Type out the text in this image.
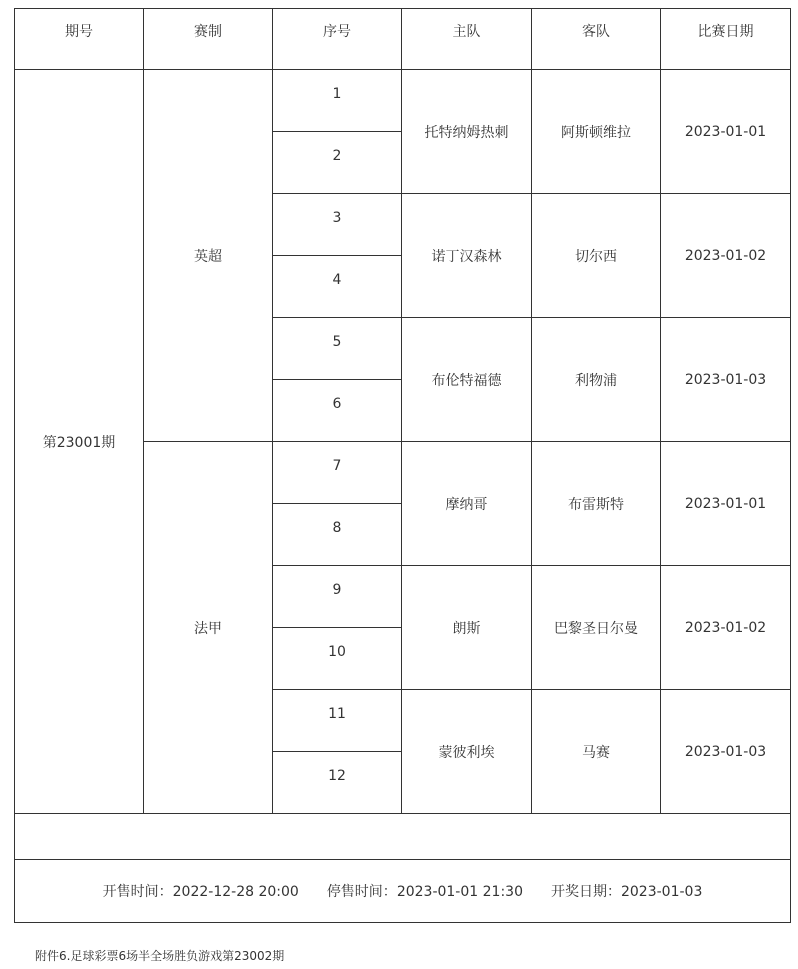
期号	赛制	序号	主队	客队	比赛日期
第23001期	英超	1	托特纳姆热刺	阿斯顿维拉	2023-01-01
		2			
		3	诺丁汉森林	切尔西	2023-01-02
		4			
		5	布伦特福德	利物浦	2023-01-03
		6			
	法甲	7	摩纳哥	布雷斯特	2023-01-01
		8			
		9	朗斯	巴黎圣日尔曼	2023-01-02
		10			
		11	蒙彼利埃	马赛	2023-01-03
		12			

开售时间：2022-12-28 20:00 停售时间：2023-01-01 21:30 开奖日期：2023-01-03					
附件6.足球彩票6场半全场胜负游戏第23002期
